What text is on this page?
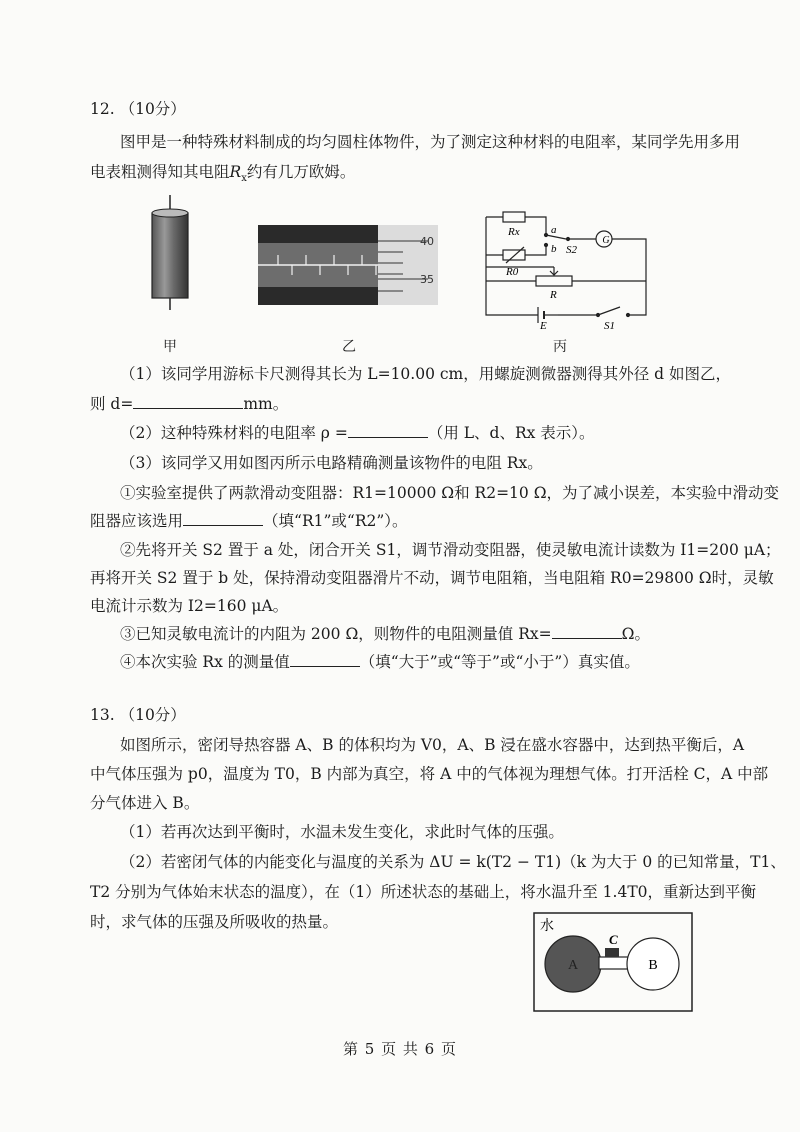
12. （10分）
图甲是一种特殊材料制成的均匀圆柱体物件，为了测定这种材料的电阻率，某同学先用多用
电表粗测得知其电阻$R_x$约有几万欧姆。
甲
40
35
乙
G
Rx
R0
a
b S2
R
E	S1
丙
（1）该同学用游标卡尺测得其长为 L=10.00 cm，用螺旋测微器测得其外径 d 如图乙，
则 d=	mm。
（2）这种特殊材料的电阻率 ρ =	（用 L、d、Rx 表示）。
（3）该同学又用如图丙所示电路精确测量该物件的电阻 Rx。
①实验室提供了两款滑动变阻器：R1=10000 Ω和 R2=10 Ω，为了减小误差，本实验中滑动变
阻器应该选用	（填“R1”或“R2”）。
②先将开关 S2 置于 a 处，闭合开关 S1，调节滑动变阻器，使灵敏电流计读数为 I1=200 μA；
再将开关 S2 置于 b 处，保持滑动变阻器滑片不动，调节电阻箱，当电阻箱 R0=29800 Ω时，灵敏
电流计示数为 I2=160 μA。
③已知灵敏电流计的内阻为 200 Ω，则物件的电阻测量值 Rx=	Ω。
④本次实验 Rx 的测量值	（填“大于”或“等于”或“小于”）真实值。
13. （10分）
如图所示，密闭导热容器 A、B 的体积均为 V0，A、B 浸在盛水容器中，达到热平衡后，A
中气体压强为 p0，温度为 T0，B 内部为真空，将 A 中的气体视为理想气体。打开活栓 C，A 中部
分气体进入 B。
（1）若再次达到平衡时，水温未发生变化，求此时气体的压强。
（2）若密闭气体的内能变化与温度的关系为 ΔU = k(T2 − T1)（k 为大于 0 的已知常量，T1、
T2 分别为气体始末状态的温度），在（1）所述状态的基础上，将水温升至 1.4T0，重新达到平衡
时，求气体的压强及所吸收的热量。	水
A	B
C
第 5 页 共 6 页
